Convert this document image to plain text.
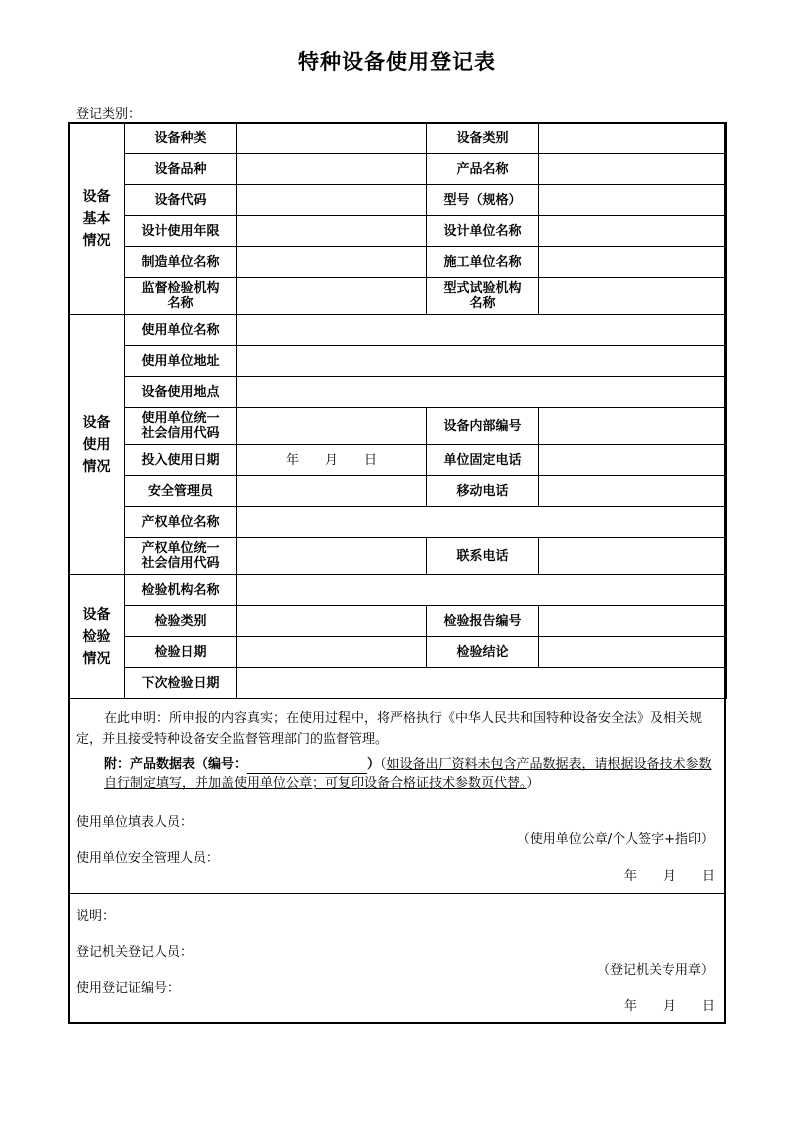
特种设备使用登记表
登记类别：
设备基本情况	设备种类		设备类别	
	设备品种		产品名称	
	设备代码		型号（规格）	
	设计使用年限		设计单位名称	
	制造单位名称		施工单位名称	

	监督检验机构名称		型式试验机构名称	

设备使用情况	使用单位名称			
	使用单位地址			
	设备使用地点			

	使用单位统一社会信用代码		设备内部编号	
	投入使用日期	年　　月　　日	单位固定电话	
	安全管理员		移动电话	
	产权单位名称			

	产权单位统一社会信用代码		联系电话	

设备检验情况	检验机构名称			
	检验类别		检验报告编号	
	检验日期		检验结论	
	下次检验日期			
在此申明：所申报的内容真实；在使用过程中，将严格执行《中华人民共和国特种设备安全法》及相关规定，并且接受特种设备安全监督管理部门的监督管理。
附：产品数据表（编号：	）（如设备出厂资料未包含产品数据表，请根据设备技术参数自行制定填写，并加盖使用单位公章；可复印设备合格证技术参数页代替。）
使用单位填表人员：
（使用单位公章/个人签字+指印）
使用单位安全管理人员：
年　　月　　日
说明：
登记机关登记人员：
（登记机关专用章）
使用登记证编号：
年　　月　　日
